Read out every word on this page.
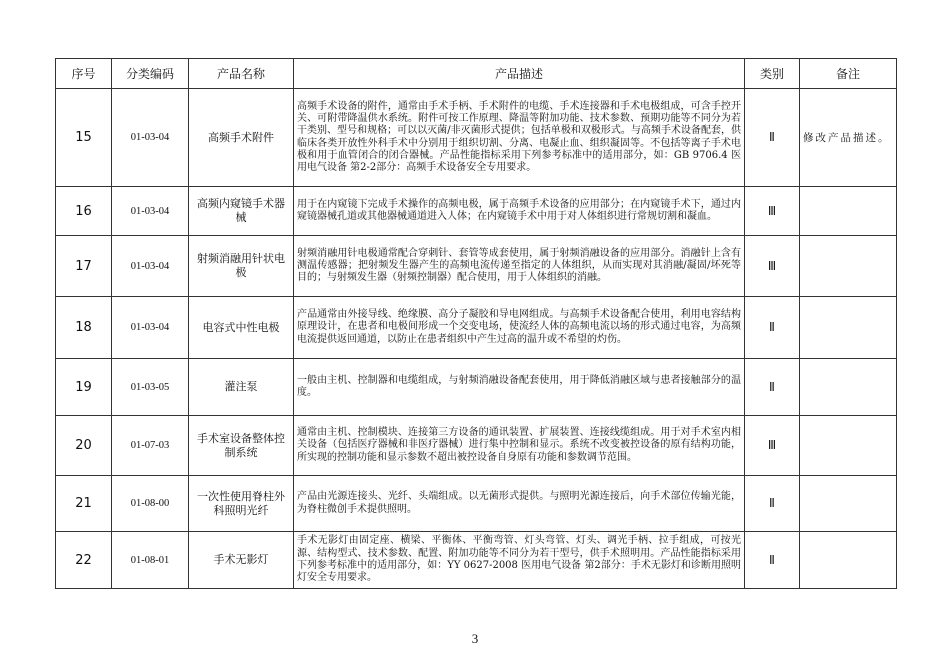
序号	分类编码	产品名称	产品描述	类别	备注
15	01-03-04	高频手术附件	高频手术设备的附件，通常由手术手柄、手术附件的电缆、手术连接器和手术电极组成，可含手控开关、可附带降温供水系统。附件可按工作原理、降温等附加功能、技术参数、预期功能等不同分为若干类别、型号和规格；可以以灭菌/非灭菌形式提供；包括单极和双极形式。与高频手术设备配套，供临床各类开放性外科手术中分别用于组织切割、分离、电凝止血、组织凝固等。不包括等离子手术电极和用于血管闭合的闭合器械。产品性能指标采用下列参考标准中的适用部分，如：GB 9706.4 医用电气设备 第2-2部分：高频手术设备安全专用要求。	Ⅱ	修改产品描述。
16	01-03-04	高频内窥镜手术器械	用于在内窥镜下完成手术操作的高频电极，属于高频手术设备的应用部分；在内窥镜手术下，通过内窥镜器械孔道或其他器械通道进入人体；在内窥镜手术中用于对人体组织进行常规切割和凝血。	Ⅲ	
17	01-03-04	射频消融用针状电极	射频消融用针电极通常配合穿刺针、套管等成套使用，属于射频消融设备的应用部分。消融针上含有测温传感器；把射频发生器产生的高频电流传递至指定的人体组织，从而实现对其消融/凝固/坏死等目的；与射频发生器（射频控制器）配合使用，用于人体组织的消融。	Ⅲ	
18	01-03-04	电容式中性电极	产品通常由外接导线、绝缘膜、高分子凝胶和导电网组成。与高频手术设备配合使用，利用电容结构原理设计，在患者和电极间形成一个交变电场，使流经人体的高频电流以场的形式通过电容，为高频电流提供返回通道，以防止在患者组织中产生过高的温升或不希望的灼伤。	Ⅱ	
19	01-03-05	灌注泵	一般由主机、控制器和电缆组成，与射频消融设备配套使用，用于降低消融区域与患者接触部分的温度。	Ⅱ	
20	01-07-03	手术室设备整体控制系统	通常由主机、控制模块、连接第三方设备的通讯装置、扩展装置、连接线缆组成。用于对手术室内相关设备（包括医疗器械和非医疗器械）进行集中控制和显示。系统不改变被控设备的原有结构功能，所实现的控制功能和显示参数不超出被控设备自身原有功能和参数调节范围。	Ⅲ	
21	01-08-00	一次性使用脊柱外科照明光纤	产品由光源连接头、光纤、头端组成。以无菌形式提供。与照明光源连接后，向手术部位传输光能，为脊柱微创手术提供照明。	Ⅱ	
22	01-08-01	手术无影灯	手术无影灯由固定座、横梁、平衡体、平衡弯管、灯头弯管、灯头、调光手柄、拉手组成，可按光源、结构型式、技术参数、配置、附加功能等不同分为若干型号，供手术照明用。产品性能指标采用下列参考标准中的适用部分，如：YY 0627-2008 医用电气设备 第2部分：手术无影灯和诊断用照明灯安全专用要求。	Ⅱ	
3
